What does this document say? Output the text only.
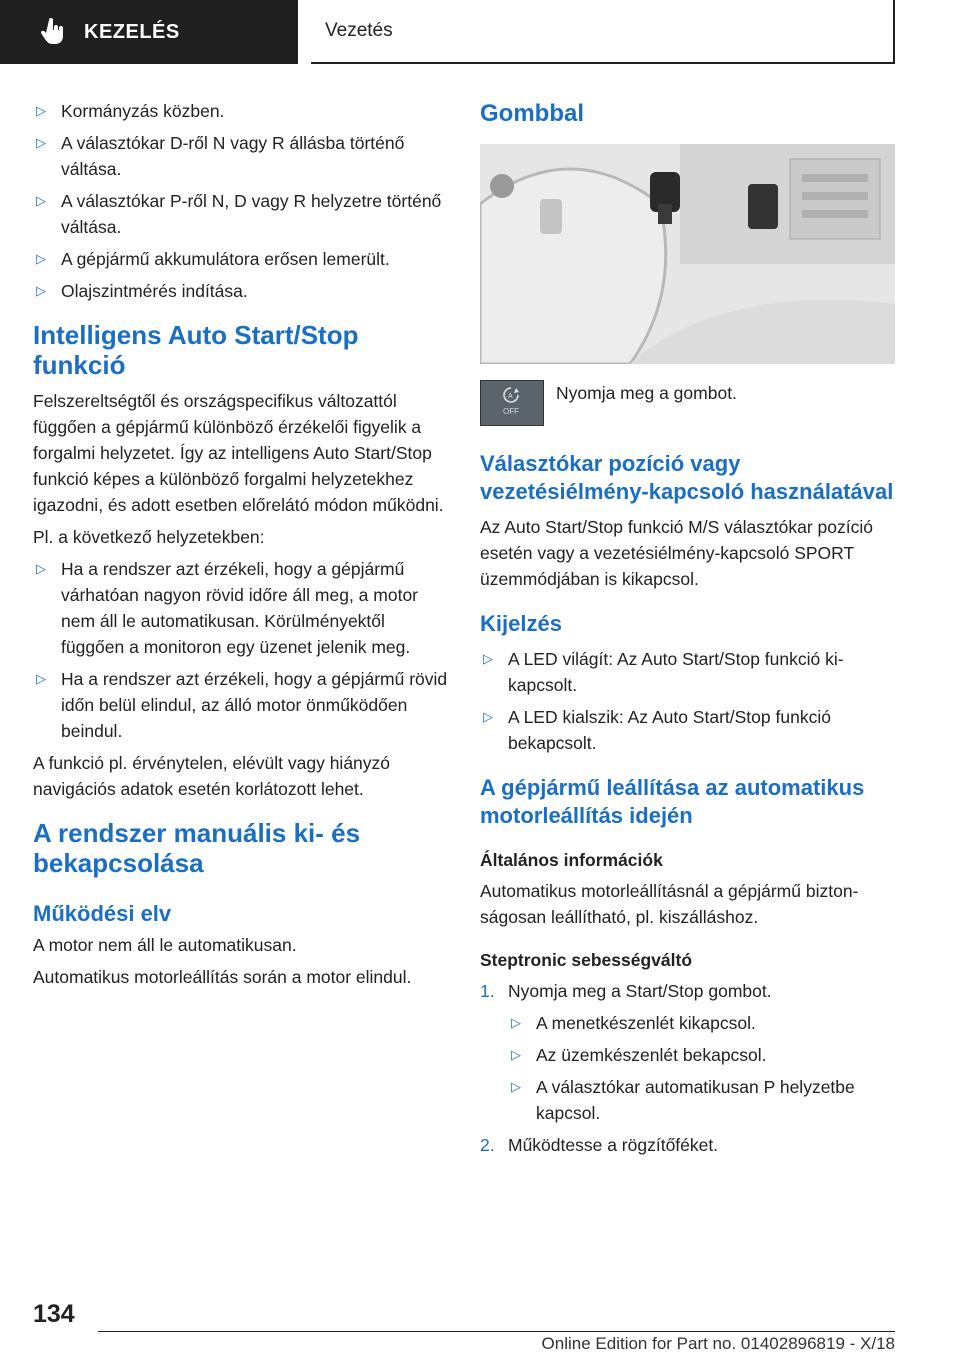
KEZELÉS	Vezetés
▷ Kormányzás közben.
▷ A választókar D-ről N vagy R állásba történő váltása.
▷ A választókar P-ről N, D vagy R helyzetre történő váltása.
▷ A gépjármű akkumulátora erősen lemerült.
▷ Olajszintmérés indítása.
Intelligens Auto Start/Stop funkció

Felszereltségtől és országspecifikus változattól függően a gépjármű különböző érzékelői figyelik a forgalmi helyzetet. Így az intelligens Auto Start/Stop funkció képes a különböző forgalmi helyzetekhez igazodni, és adott esetben előrelátó módon működni.

Pl. a következő helyzetekben:

▷ Ha a rendszer azt érzékeli, hogy a gépjármű várhatóan nagyon rövid időre áll meg, a motor nem áll le automatikusan. Körülményektől függően a monitoron egy üzenet jelenik meg.
▷ Ha a rendszer azt érzékeli, hogy a gépjármű rövid időn belül elindul, az álló motor önműködően beindul.

A funkció pl. érvénytelen, elévült vagy hiányzó navigációs adatok esetén korlátozott lehet.

A rendszer manuális ki- és bekapcsolása
Működési elv

A motor nem áll le automatikusan.

Automatikus motorleállítás során a motor elindul.

Gombbal
A
OFF
Nyomja meg a gombot.
Választókar pozíció vagy vezetésiélmény-kapcsoló használatával

Az Auto Start/Stop funkció M/S választókar pozíció esetén vagy a vezetésiélmény-kapcsoló SPORT üzemmódjában is kikapcsol.

Kijelzés
▷ A LED világít: Az Auto Start/Stop funkció kikapcsolt.
▷ A LED kialszik: Az Auto Start/Stop funkció bekapcsolt.
A gépjármű leállítása az automatikus motorleállítás idején
Általános információk

Automatikus motorleállításnál a gépjármű biztonságosan leállítható, pl. kiszálláshoz.

Steptronic sebességváltó
1. Nyomja meg a Start/Stop gombot.
▷ A menetkészenlét kikapcsol.
▷ Az üzemkészenlét bekapcsol.
▷ A választókar automatikusan P helyzetbe kapcsol.
2. Működtesse a rögzítőféket.
134
Online Edition for Part no. 01402896819 - X/18
